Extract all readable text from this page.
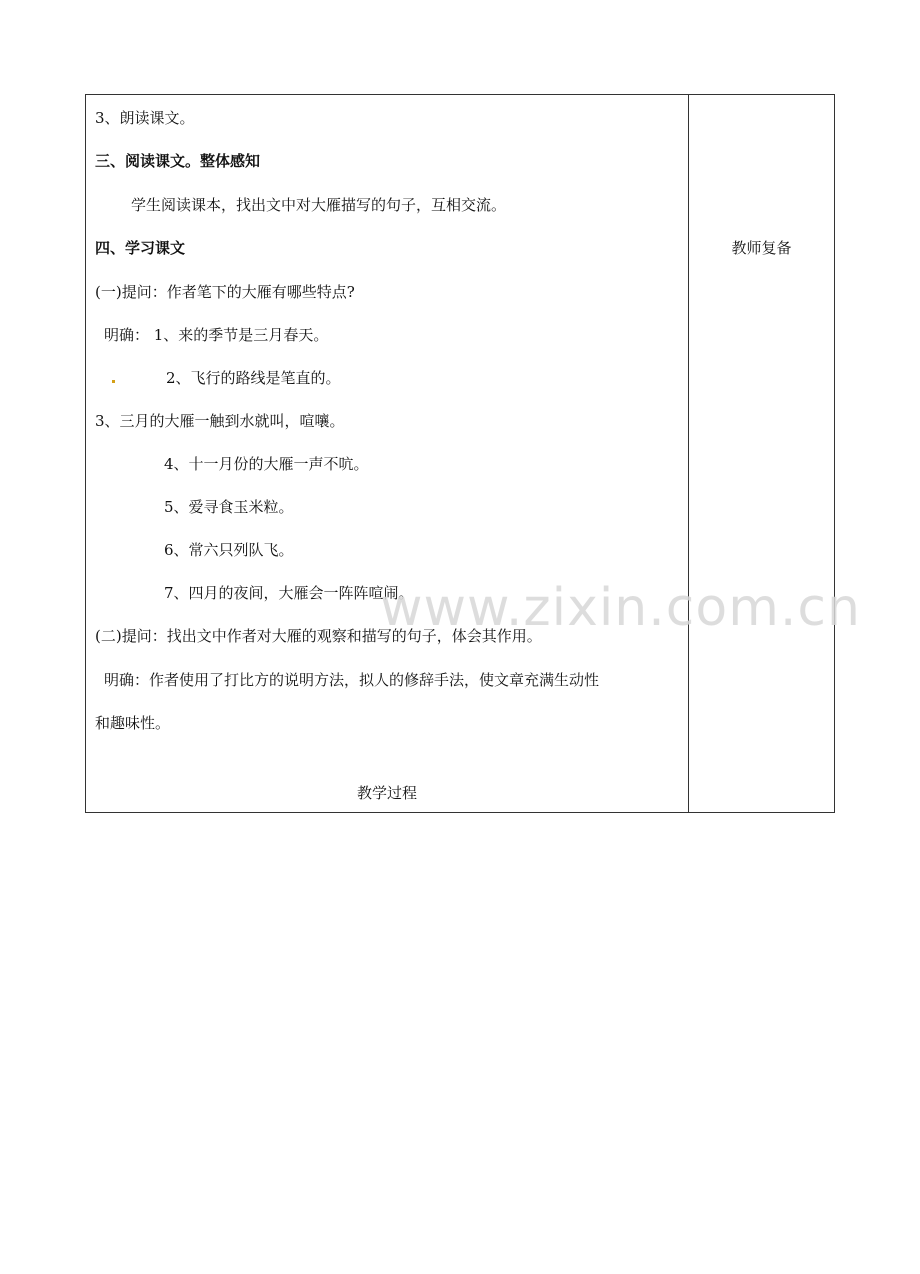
3、朗读课文。
三、阅读课文。整体感知
学生阅读课本，找出文中对大雁描写的句子，互相交流。
四、学习课文
(一)提问：作者笔下的大雁有哪些特点?
明确： 1、来的季节是三月春天。
2、飞行的路线是笔直的。
3、三月的大雁一触到水就叫，喧嚷。
4、十一月份的大雁一声不吭。
5、爱寻食玉米粒。
6、常六只列队飞。
7、四月的夜间，大雁会一阵阵喧闹。
(二)提问：找出文中作者对大雁的观察和描写的句子，体会其作用。
明确：作者使用了打比方的说明方法，拟人的修辞手法，使文章充满生动性
和趣味性。
教学过程
教师复备
www.zixin.com.cn
